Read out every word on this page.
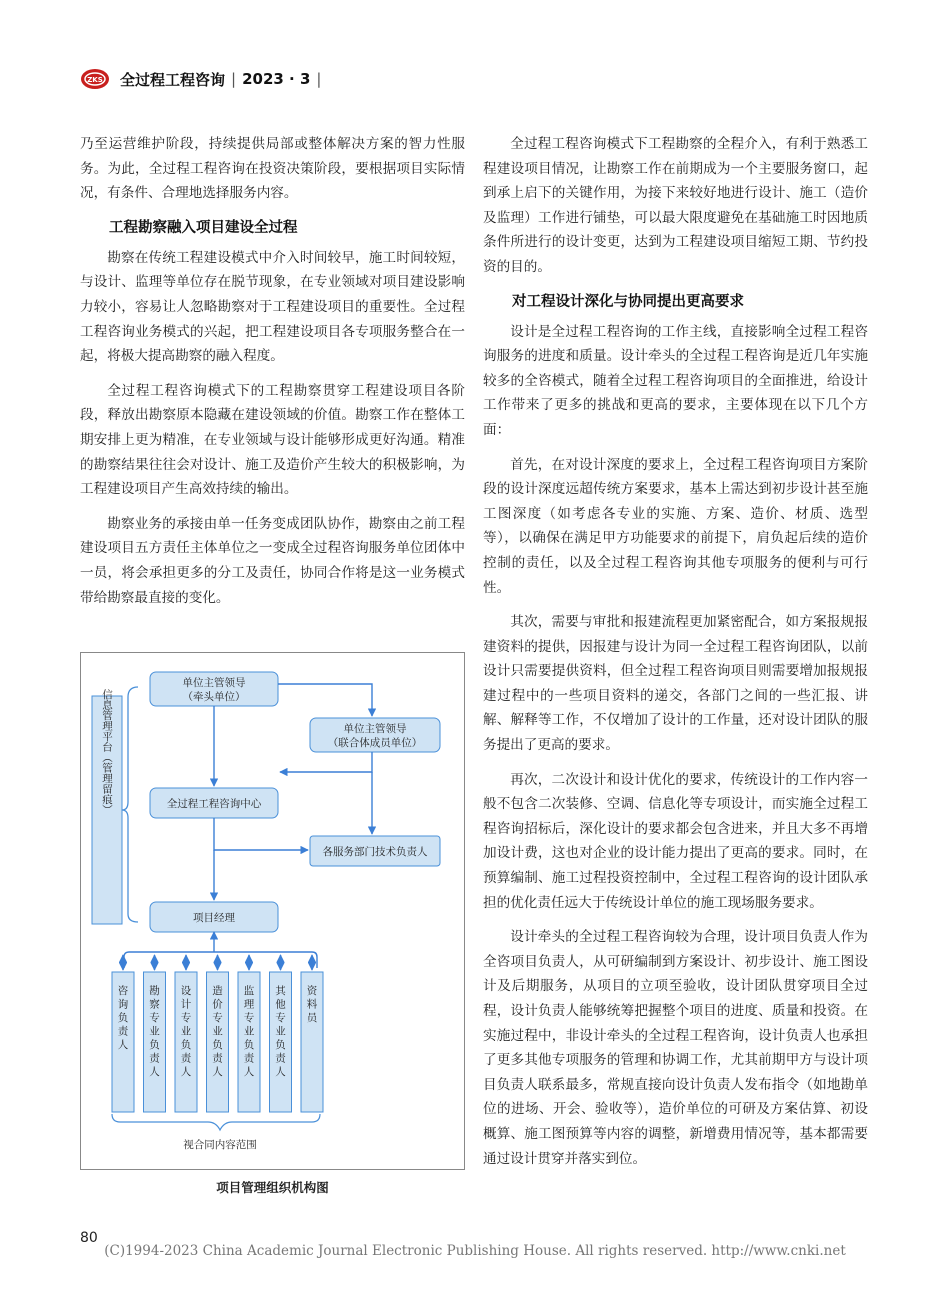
ZKS 全过程工程咨询 | 2023 · 3 |

乃至运营维护阶段，持续提供局部或整体解决方案的智力性服务。为此，全过程工程咨询在投资决策阶段，要根据项目实际情况，有条件、合理地选择服务内容。

工程勘察融入项目建设全过程

勘察在传统工程建设模式中介入时间较早，施工时间较短，与设计、监理等单位存在脱节现象，在专业领域对项目建设影响力较小，容易让人忽略勘察对于工程建设项目的重要性。全过程工程咨询业务模式的兴起，把工程建设项目各专项服务整合在一起，将极大提高勘察的融入程度。

全过程工程咨询模式下的工程勘察贯穿工程建设项目各阶段，释放出勘察原本隐藏在建设领域的价值。勘察工作在整体工期安排上更为精准，在专业领域与设计能够形成更好沟通。精准的勘察结果往往会对设计、施工及造价产生较大的积极影响，为工程建设项目产生高效持续的输出。

勘察业务的承接由单一任务变成团队协作，勘察由之前工程建设项目五方责任主体单位之一变成全过程咨询服务单位团体中一员，将会承担更多的分工及责任，协同合作将是这一业务模式带给勘察最直接的变化。

信息管理平台（管理留痕）
单位主管领导
（牵头单位）
单位主管领导
（联合体成员单位）
全过程工程咨询中心
各服务部门技术负责人
项目经理
咨
询
负
责
人
勘
察
专
业
负
责
人
设
计
专
业
负
责
人
造
价
专
业
负
责
人
监
理
专
业
负
责
人
其
他
专
业
负
责
人
资
料
员
视合同内容范围
项目管理组织机构图

全过程工程咨询模式下工程勘察的全程介入，有利于熟悉工程建设项目情况，让勘察工作在前期成为一个主要服务窗口，起到承上启下的关键作用，为接下来较好地进行设计、施工（造价及监理）工作进行铺垫，可以最大限度避免在基础施工时因地质条件所进行的设计变更，达到为工程建设项目缩短工期、节约投资的目的。

对工程设计深化与协同提出更高要求

设计是全过程工程咨询的工作主线，直接影响全过程工程咨询服务的进度和质量。设计牵头的全过程工程咨询是近几年实施较多的全咨模式，随着全过程工程咨询项目的全面推进，给设计工作带来了更多的挑战和更高的要求，主要体现在以下几个方面：

首先，在对设计深度的要求上，全过程工程咨询项目方案阶段的设计深度远超传统方案要求，基本上需达到初步设计甚至施工图深度（如考虑各专业的实施、方案、造价、材质、选型等），以确保在满足甲方功能要求的前提下，肩负起后续的造价控制的责任，以及全过程工程咨询其他专项服务的便利与可行性。

其次，需要与审批和报建流程更加紧密配合，如方案报规报建资料的提供，因报建与设计为同一全过程工程咨询团队，以前设计只需要提供资料，但全过程工程咨询项目则需要增加报规报建过程中的一些项目资料的递交，各部门之间的一些汇报、讲解、解释等工作，不仅增加了设计的工作量，还对设计团队的服务提出了更高的要求。

再次，二次设计和设计优化的要求，传统设计的工作内容一般不包含二次装修、空调、信息化等专项设计，而实施全过程工程咨询招标后，深化设计的要求都会包含进来，并且大多不再增加设计费，这也对企业的设计能力提出了更高的要求。同时，在预算编制、施工过程投资控制中，全过程工程咨询的设计团队承担的优化责任远大于传统设计单位的施工现场服务要求。

设计牵头的全过程工程咨询较为合理，设计项目负责人作为全咨项目负责人，从可研编制到方案设计、初步设计、施工图设计及后期服务，从项目的立项至验收，设计团队贯穿项目全过程，设计负责人能够统筹把握整个项目的进度、质量和投资。在实施过程中，非设计牵头的全过程工程咨询，设计负责人也承担了更多其他专项服务的管理和协调工作，尤其前期甲方与设计项目负责人联系最多，常规直接向设计负责人发布指令（如地勘单位的进场、开会、验收等），造价单位的可研及方案估算、初设概算、施工图预算等内容的调整，新增费用情况等，基本都需要通过设计贯穿并落实到位。

80
(C)1994-2023 China Academic Journal Electronic Publishing House. All rights reserved. http://www.cnki.net
